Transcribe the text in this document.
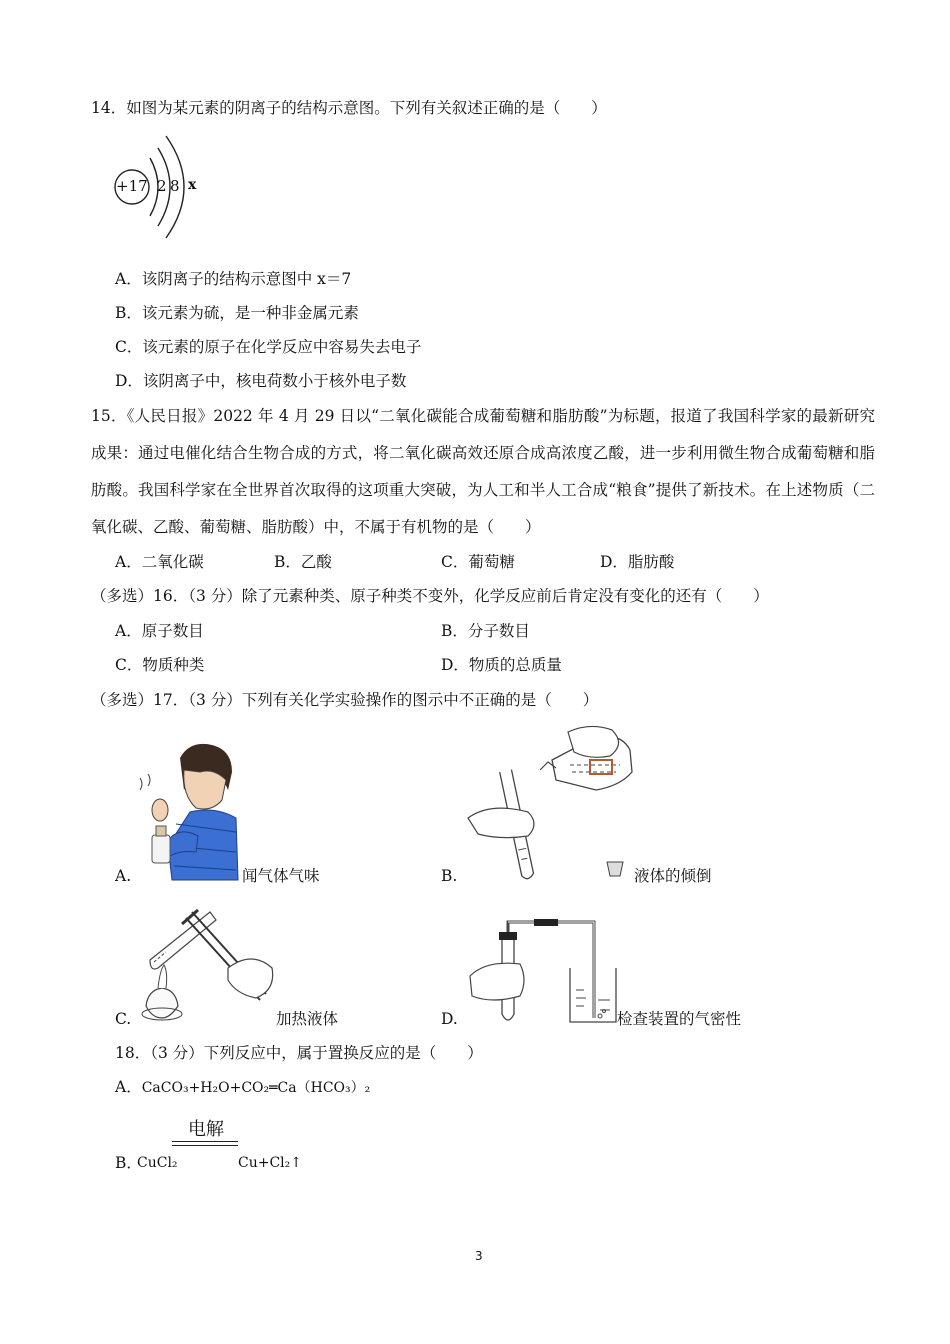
14．如图为某元素的阴离子的结构示意图。下列有关叙述正确的是（　　）
+17 2 8 x
A．该阴离子的结构示意图中 x＝7
B．该元素为硫，是一种非金属元素
C．该元素的原子在化学反应中容易失去电子
D．该阴离子中，核电荷数小于核外电子数
15．《人民日报》2022 年 4 月 29 日以“二氧化碳能合成葡萄糖和脂肪酸”为标题，报道了我国科学家的最新研究成果：通过电催化结合生物合成的方式，将二氧化碳高效还原合成高浓度乙酸，进一步利用微生物合成葡萄糖和脂肪酸。我国科学家在全世界首次取得的这项重大突破，为人工和半人工合成“粮食”提供了新技术。在上述物质（二氧化碳、乙酸、葡萄糖、脂肪酸）中，不属于有机物的是（　　）
A．二氧化碳	B．乙酸	C．葡萄糖	D．脂肪酸
（多选）16．（3 分）除了元素种类、原子种类不变外，化学反应前后肯定没有变化的还有（　　）
A．原子数目	B．分子数目
C．物质种类	D．物质的总质量
（多选）17．（3 分）下列有关化学实验操作的图示中不正确的是（　　）
A.	闻气体气味	B.	液体的倾倒
C.	加热液体	D.	检查装置的气密性
18．（3 分）下列反应中，属于置换反应的是（　　）
A．CaCO₃+H₂O+CO₂═Ca（HCO₃）₂
电解
B．
CuCl₂	Cu+Cl₂↑
3
